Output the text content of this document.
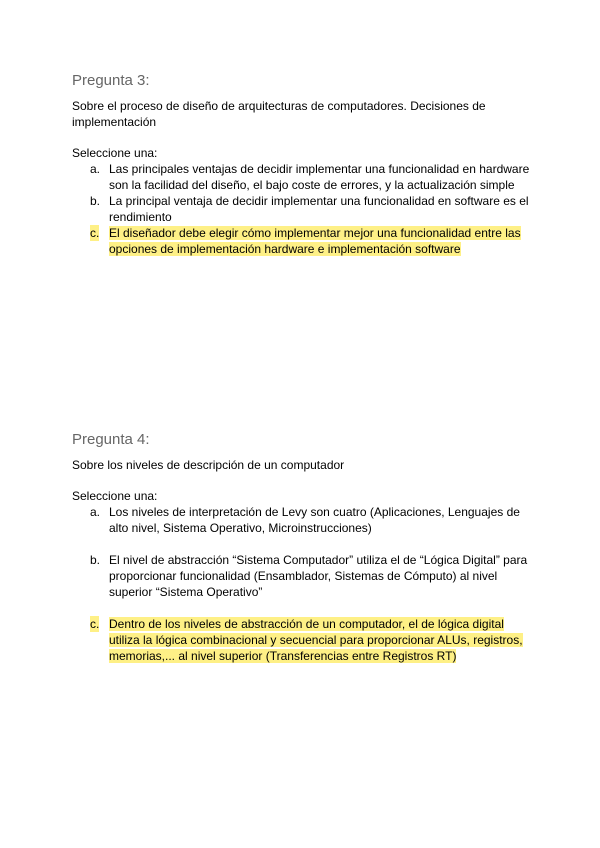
Pregunta 3:
Sobre el proceso de diseño de arquitecturas de computadores. Decisiones de implementación
Seleccione una:
a. Las principales ventajas de decidir implementar una funcionalidad en hardware son la facilidad del diseño, el bajo coste de errores, y la actualización simple
b. La principal ventaja de decidir implementar una funcionalidad en software es el rendimiento
c. El diseñador debe elegir cómo implementar mejor una funcionalidad entre las opciones de implementación hardware e implementación software
Pregunta 4:
Sobre los niveles de descripción de un computador
Seleccione una:
a. Los niveles de interpretación de Levy son cuatro (Aplicaciones, Lenguajes de alto nivel, Sistema Operativo, Microinstrucciones)
b. El nivel de abstracción “Sistema Computador” utiliza el de “Lógica Digital” para proporcionar funcionalidad (Ensamblador, Sistemas de Cómputo) al nivel superior “Sistema Operativo”
c. Dentro de los niveles de abstracción de un computador, el de lógica digital utiliza la lógica combinacional y secuencial para proporcionar ALUs, registros, memorias,... al nivel superior (Transferencias entre Registros RT)
